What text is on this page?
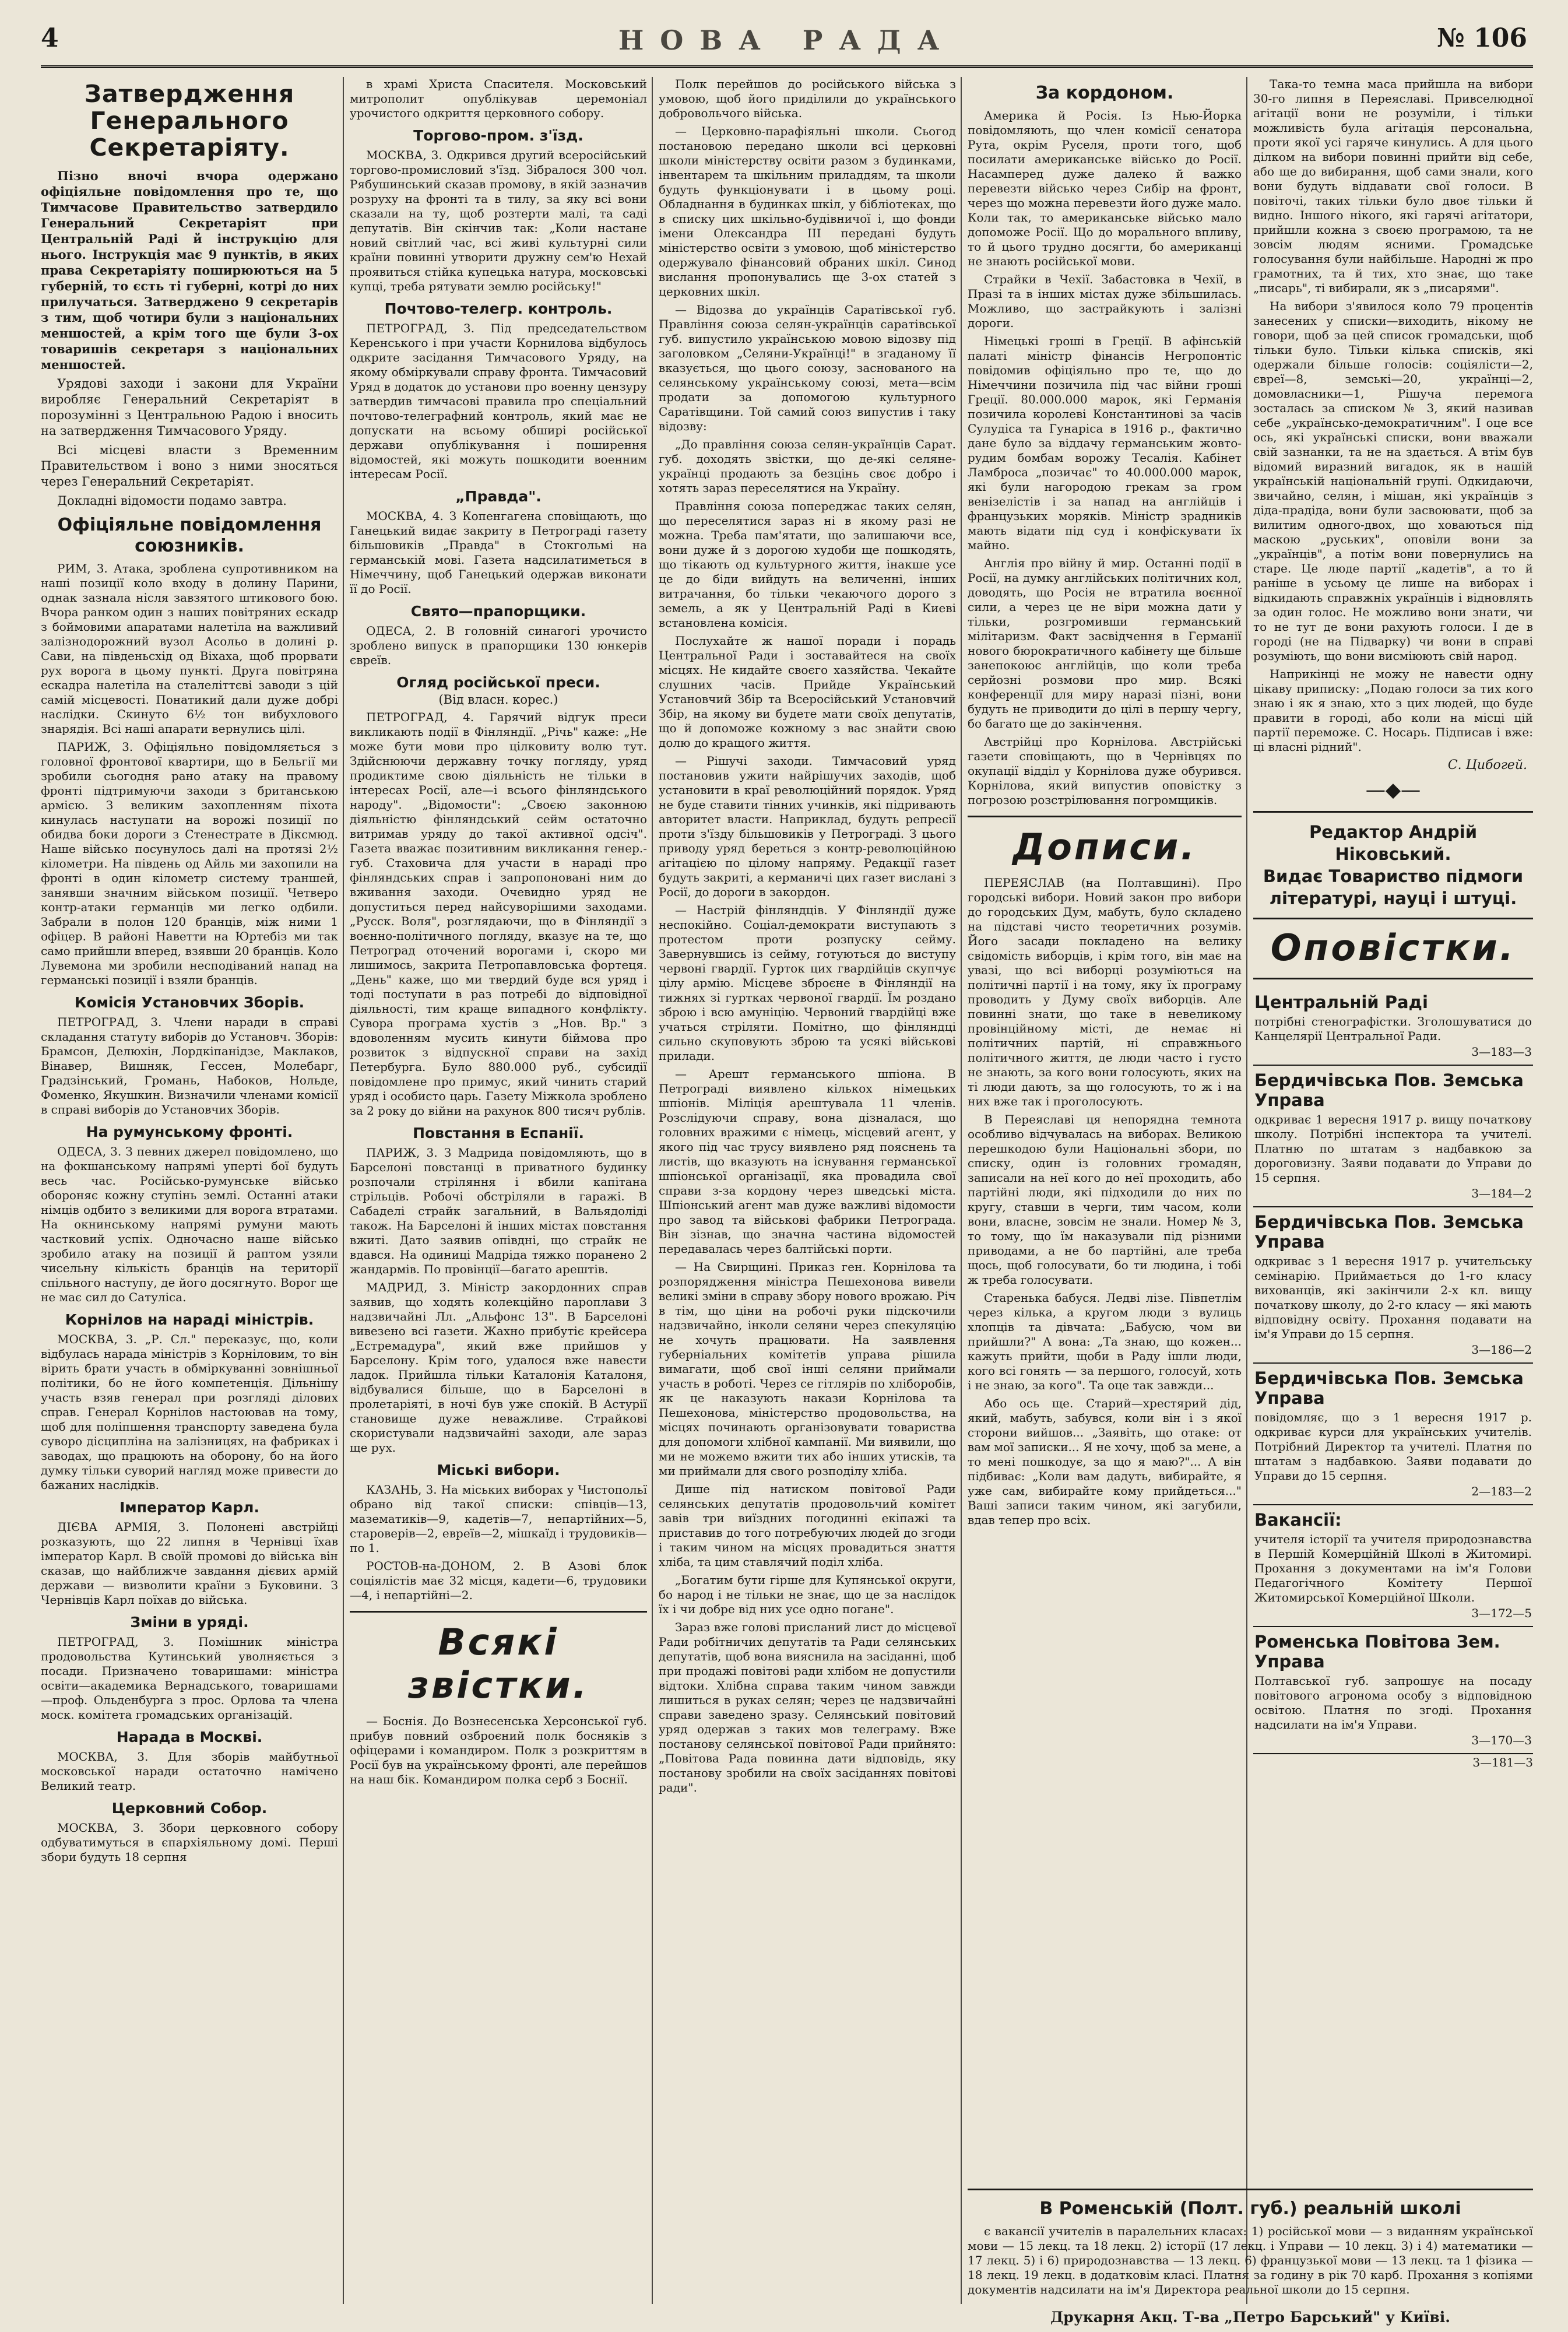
4	НОВА РАДА	№ 106
Затвердження Генерального Секретаріяту.

Пізно вночі вчора одержано офіціяльне повідомлення про те, що Тимчасове Правительство затвердило Генеральний Секретаріят при Центральній Раді й інструкцію для нього. Інструкція має 9 пунктів, в яких права Секретаріяту поширюються на 5 губерній, то єсть ті губерні, котрі до них прилучаться. Затверджено 9 секретарів з тим, щоб чотири були з національних меншостей, а крім того ще були 3-ох товаришів секретаря з національних меншостей.

Урядові заходи і закони для України виробляє Генеральний Секретаріят в порозумінні з Центральною Радою і вносить на затвердження Тимчасового Уряду.

Всі місцеві власти з Временним Правительством і воно з ними зносяться через Генеральний Секретаріят.

Докладні відомости подамо завтра.

Офіціяльне повідомлення союзників.

РИМ, 3. Атака, зроблена супротивником на наші позиції коло входу в долину Парини, однак зазнала нісля завзятого штикового бою. Вчора ранком один з наших повітряних ескадр з боймовими апаратами налетіла на важливий залізнодорожний вузол Асольо в долині р. Сави, на південьсхід од Віхаха, щоб прорвати рух ворога в цьому пункті. Друга повітряна ескадра налетіла на сталеліттєві заводи з цій самій місцевості. Понатикий дали дуже добрі наслідки. Скинуто 6½ тон вибухлового знарядія. Всі наші апарати вернулись цілі.

ПАРИЖ, 3. Офіціяльно повідомляється з головної фронтової квартири, що в Бельгії ми зробили сьогодня рано атаку на правому фронті підтримуючи заходи з британською армією. З великим захопленням піхота кинулась наступати на ворожі позиції по обидва боки дороги з Стенестрате в Діксмюд. Наше військо посунулось далі на протязі 2½ кілометри. На південь од Айль ми захопили на фронті в один кілометр систему траншей, занявши значним військом позиції. Четверо контр-атаки германців ми легко одбили. Забрали в полон 120 бранців, між ними 1 офіцер. В районі Наветти на Юртебіз ми так само прийшли вперед, взявши 20 бранців. Коло Лувемона ми зробили несподіваний напад на германські позиції і взяли бранців.

Комісія Установчих Зборів.

ПЕТРОГРАД, 3. Члени наради в справі складання статуту виборів до Установч. Зборів: Брамсон, Делюхін, Лордкіпанідзе, Маклаков, Вінавер, Вишняк, Гессен, Молебарг, Градзінський, Громань, Набоков, Нольде, Фоменко, Якушкин. Визначили членами комісії в справі виборів до Установчих Зборів.

На румунському фронті.

ОДЕСА, 3. З певних джерел повідомлено, що на фокшанському напрямі уперті бої будуть весь час. Російсько-румунське військо обороняє кожну ступінь землі. Останні атаки німців одбито з великими для ворога втратами. На окнинському напрямі румуни мають частковий успіх. Одночасно наше військо зробило атаку на позиції й раптом узяли чисельну кількість бранців на території спільного наступу, де його досягнуто. Ворог ще не має сил до Сатуліса.

Корнілов на нараді міністрів.

МОСКВА, 3. „Р. Сл." переказує, що, коли відбулась нарада міністрів з Корніловим, то він вірить брати участь в обміркуванні зовнішньої політики, бо не його компетенція. Дільнішу участь взяв генерал при розгляді ділових справ. Генерал Корнілов настоював на тому, щоб для поліпшення транспорту заведена була суворо дісципліна на залізницях, на фабриках і заводах, що працюють на оборону, бо на його думку тільки суворий нагляд може привести до бажаних наслідків.

Імператор Карл.

ДІЄВА АРМІЯ, 3. Полонені австрійці розказують, що 22 липня в Чернівці їхав імператор Карл. В своїй промові до війська він сказав, що найближче завдання дієвих армій держави — визволити країни з Буковини. З Чернівців Карл поїхав до війська.

Зміни в уряді.

ПЕТРОГРАД, 3. Помішник міністра продовольства Кутинський уволняється з посади. Призначено товаришами: міністра освіти—академика Вернадського, товаришами—проф. Ольденбурга з прос. Орлова та члена моск. комітета громадських організацій.

Нарада в Москві.

МОСКВА, 3. Для зборів майбутньої московської наради остаточно намічено Великий театр.

Церковний Собор.

МОСКВА, 3. Збори церковного собору одбуватимуться в єпархіяльному домі. Перші збори будуть 18 серпня

в храмі Христа Спасителя. Московський митрополит опублікував церемоніал урочистого одкриття церковного собору.

Торгово-пром. з'їзд.

МОСКВА, 3. Одкрився другий всеросійський торгово-промисловий з'їзд. Зібралося 300 чол. Рябушинський сказав промову, в якій зазначив розруху на фронті та в тилу, за яку всі вони сказали на ту, щоб розтерти малі, та саді депутатів. Він скінчив так: „Коли настане новий світлий час, всі живі культурні сили країни повинні утворити дружну сем'ю Нехай проявиться стійка купецька натура, московські купці, треба рятувати землю російську!"

Почтово-телегр. контроль.

ПЕТРОГРАД, 3. Під председательством Керенського і при участи Корнилова відбулось одкрите засідання Тимчасового Уряду, на якому обміркували справу фронта. Тимчасовий Уряд в додаток до установи про военну цензуру затвердив тимчасові правила про спеціальний почтово-телеграфний контроль, який має не допускати на всьому обширі російської держави опублікування і поширення відомостей, які можуть пошкодити военним інтересам Росії.

„Правда".

МОСКВА, 4. З Копенгагена сповіщають, що Ганецький видає закриту в Петрограді газету більшовиків „Правда" в Стокгольмі на германській мові. Газета надсилатиметься в Німеччину, щоб Ганецький одержав виконати її до Росії.

Свято—прапорщики.

ОДЕСА, 2. В головній синагогі урочисто зроблено випуск в прапорщики 130 юнкерів євреїв.

Огляд російської преси.
(Від власн. корес.)

ПЕТРОГРАД, 4. Гарячий відгук преси викликають події в Фінляндії. „Річь" каже: „Не може бути мови про цілковиту волю тут. Здійснюючи державну точку погляду, уряд продиктиме свою діяльність не тільки в інтересах Росії, але—і всього фінляндського народу". „Відомости": „Своєю законною діяльністю фінляндський сейм остаточно витримав уряду до такої активної одсіч". Газета вважає позитивним викликання генер.-губ. Стаховича для участи в нараді про фінляндських справ і запропоновані ним до вживання заходи. Очевидно уряд не допуститься перед найсуворішими заходами. „Русск. Воля", розглядаючи, що в Фінляндії з воєнно-політичного погляду, вказує на те, що Петроград оточений ворогами і, скоро ми лишимось, закрита Петропавловська фортеця. „День" каже, що ми твердий буде вся уряд і тоді поступати в раз потребі до відповідної діяльності, тим краще випадного конфлікту. Сувора програма хустів з „Нов. Вр." з вдоволенням мусить кинути біймова про розвиток з відпускної справи на захід Петербурга. Було 880.000 руб., субсидії повідомлене про примус, який чинить старий уряд і особисто царь. Газету Міжкола зроблено за 2 року до війни на рахунок 800 тисяч рублів.

Повстання в Еспанії.

ПАРИЖ, 3. З Мадрида повідомляють, що в Барселоні повстанці в приватного будинку розпочали стріляння і вбили капітана стрільців. Робочі обстріляли в гаражі. В Сабаделі страйк загальний, в Вальядоліді також. На Барселоні й інших містах повстання вжиті. Дато заявив опівдні, що страйк не вдався. На одиниці Мадріда тяжко поранено 2 жандармів. По провінції—багато арештів.

МАДРИД, 3. Міністр закордонних справ заявив, що ходять колекційно пароплави 3 надзвичайні Лл. „Альфонс 13". В Барселоні вивезено всі газети. Жахно прибутіє крейсера „Естремадура", який вже прийшов у Барселону. Крім того, удалося вже навести ладок. Прийшла тільки Каталонія Каталоня, відбувалися більше, що в Барселоні в пролетаріяті, в ночі був уже спокій. В Астурії становище дуже неважливе. Страйкові скористували надзвичайні заходи, але зараз ще рух.

Міські вибори.

КАЗАНЬ, 3. На міських виборах у Чистопольї обрано від такої списки: співців—13, мазематиків—9, кадетів—7, непартійних—5, староверів—2, евреїв—2, мішкаїд і трудовиків—по 1.

РОСТОВ-на-ДОНОМ, 2. В Азові блок соціялістів має 32 місця, кадети—6, трудовики—4, і непартійні—2.

Всякі звістки.

— Боснія. До Вознесенська Херсонської губ. прибув повний озброєний полк босняків з офіцерами і командиром. Полк з розкриттям в Росії був на українському фронті, але перейшов на наш бік. Командиром полка серб з Боснії.

Полк перейшов до російського війська з умовою, щоб його приділили до українського добровольчого війська.

— Церковно-парафіяльні школи. Сьогод постановою передано школи всі церковні школи міністерству освіти разом з будинками, інвентарем та шкільним приладдям, та школи будуть функціонувати і в цьому році. Обладнання в будинках шкіл, у бібліотеках, що в списку цих шкільно-будівничої і, що фонди імени Олександра III передані будуть міністерство освіти з умовою, щоб міністерство одержувало фінансовий обраних шкіл. Синод вислання пропонувались ще 3-ох статей з церковних шкіл.

— Відозва до українців Саратівської губ. Правління союза селян-українців саратівської губ. випустило українською мовою відозву під заголовком „Селяни-Українці!" в згаданому її вказується, що цього союзу, заснованого на селянському українському союзі, мета—всім продати за допомогою культурного Саратівщини. Той самий союз випустив і таку відозву:

„До правління союза селян-українців Сарат. губ. доходять звістки, що де-які селяне-українці продають за безцінь своє добро і хотять зараз переселятися на Україну.

Правління союза попереджає таких селян, що переселятися зараз ні в якому разі не можна. Треба пам'ятати, що залишаючи все, вони дуже й з дорогою худоби ще пошкодять, що тікають од культурного життя, інакше усе це до біди вийдуть на величенні, інших витрачання, бо тільки чекаючого дорого з земель, а як у Центральній Раді в Киеві встановлена комісія.

Послухайте ж нашої поради і порадь Центральної Ради і зоставайтеся на своїх місцях. Не кидайте своєго хазяйства. Чекайте слушних часів. Прийде Український Установчий Збір та Всеросійський Установчий Збір, на якому ви будете мати своїх депутатів, що й допоможе кожному з вас знайти свою долю до кращого життя.

— Рішучі заходи. Тимчасовий уряд постановив ужити найрішучих заходів, щоб установити в краї революційний порядок. Уряд не буде ставити тінних учинків, які підривають авторитет власти. Наприклад, будуть репресії проти з'їзду більшовиків у Петроградi. З цього приводу уряд береться з контр-революційною агітацією по цілому напряму. Редакції газет будуть закриті, а керманичі цих газет вислані з Росії, до дороги в закордон.

— Настрій фінляндців. У Фінляндії дуже неспокійно. Соціал-демократи виступають з протестом проти розпуску сейму. Завернувшись із сейму, готуються до виступу червоні гвардії. Гурток цих гвардійців скупчує цілу армію. Місцеве зброєне в Фінляндії на тижнях зі гуртках червоної гвардії. Їм роздано зброю і всю амуніцію. Червоний гвардійці вже учаться стріляти. Помітно, що фінляндці сильно скуповують зброю та усякі військові прилади.

— Арешт германського шпіона. В Петрограді виявлено кількох німецьких шпіонів. Міліція арештувала 11 членів. Розслідуючи справу, вона дізналася, що головних вражими є німець, місцевий агент, у якого під час трусу виявлено ряд пояснень та листів, що вказують на існування германської шпіонської організації, яка провадила свої справи з-за кордону через шведські міста. Шпіонський агент мав дуже важливі відомости про завод та військові фабрики Петрограда. Він зізнав, що значна частина відомостей передавалась через балтійські порти.

— На Свирщині. Приказ ген. Корнілова та розпорядження міністра Пешехонова вивели великі зміни в справу збору нового врожаю. Річ в тім, що ціни на робочі руки підскочили надзвичайно, інколи селяни через спекуляцію не хочуть працювати. На заявлення губерніальних комітетів управа рішила вимагати, щоб свої інші селяни приймали участь в роботі. Через се гітлярів по хліборобів, як це наказують накази Корнілова та Пешехонова, міністерство продовольства, на місцях починають організовувати товариства для допомоги хлібної кампанії. Ми виявили, що ми не можемо вжити тих або інших утисків, та ми приймали для свого розподілу хліба.

Дише під натиском повітової Ради селянських депутатів продовольчий комітет завів три виїздних погодинні екіпажі та приставив до того потребуючих людей до згоди і таким чином на місцях провадиться знаття хліба, та цим ставлячий поділ хліба.

„Богатим бути гірше для Купянської округи, бо народ і не тільки не знає, що це за наслідок їх і чи добре від них усе одно погане".

Зараз вже голові присланий лист до місцевої Ради робітничих депутатів та Ради селянських депутатів, щоб вона вияснила на засіданні, щоб при продажі повітові ради хлібом не допустили відтоки. Хлібна справа таким чином завжди лишиться в руках селян; через це надзвичайні справи заведено зразу. Селянський повітовий уряд одержав з таких мов телеграму. Вже постанову селянської повітової Ради прийнято: „Повітова Рада повинна дати відповідь, яку постанову зробили на своїх засіданнях повітові ради".

За кордоном.

Америка й Росія. Із Нью-Йорка повідомляють, що член комісії сенатора Рута, окрім Руселя, проти того, щоб посилати американське військо до Росії. Насамперед дуже далеко й важко перевезти військо через Сибір на фронт, через що можна перевезти його дуже мало. Коли так, то американське військо мало допоможе Росії. Що до морального впливу, то й цього трудно досягти, бо американці не знають російської мови.

Страйки в Чехії. Забастовка в Чехії, в Празі та в інших містах дуже збільшилась. Можливо, що застрайкують і залізні дороги.

Німецькі гроші в Греції. В афінській палаті міністр фінансів Негропонтіс повідомив офіціяльно про те, що до Німеччини позичила під час війни гроші Греції. 80.000.000 марок, які Германія позичила королеві Константинові за часів Сулудіса та Гунаріса в 1916 р., фактично дане було за віддачу германським жовто-рудим бомбам ворожу Тесалія. Кабінет Ламброса „позичає" то 40.000.000 марок, які були нагородою грекам за гром венізелістів і за напад на англійців і французьких моряків. Міністр зрадників мають відати під суд і конфіскувати їх майно.

Англія про війну й мир. Останні події в Росії, на думку англійських політичних кол, доводять, що Росія не втратила воєнної сили, а через це не віри можна дати у тільки, розгромивши германський мілітаризм. Факт засвідчення в Германії нового бюрократичного кабінету ще більше занепокоює англійців, що коли треба серйозні розмови про мир. Всякі конференції для миру наразі пізні, вони будуть не приводити до цілі в першу чергу, бо багато ще до закінчення.

Австрійці про Корнілова. Австрійські газети сповіщають, що в Чернівцях по окупації відділ у Корнілова дуже обурився. Корнілова, який випустив оповістку з погрозою розстрілювання погромщиків.

Дописи.

ПЕРЕЯСЛАВ (на Полтавщині). Про городські вибори. Новий закон про вибори до городських Дум, мабуть, було складено на підставі чисто теоретичних розумів. Його засади покладено на велику свідомість виборців, і крім того, він має на увазі, що всі виборці розуміються на політичні партії і на тому, яку їх програму проводить у Думу своїх виборців. Але повинні знати, що таке в невеликому провінційному місті, де немає ні політичних партій, ні справжнього політичного життя, де люди часто і густо не знають, за кого вони голосують, яких на ті люди дають, за що голосують, то ж і на них вже так і проголосують.

В Переяславі ця непорядна темнота особливо відчувалась на виборах. Великою перешкодою були Національні збори, по списку, один із головних громадян, записали на неї кого до неї проходить, або партійні люди, які підходили до них по кругу, ставши в черги, тим часом, коли вони, власне, зовсім не знали. Номер № 3, то тому, що їм наказували під різними приводами, а не бо партійні, але треба щось, щоб голосувати, бо ти людина, і тобі ж треба голосувати.

Старенька бабуся. Ледві лізе. Півпетлім через кілька, а кругом люди з вулиць хлопців та дівчата: „Бабусю, чом ви прийшли?" А вона: „Та знаю, що кожен... кажуть прийти, щоби в Раду ішли люди, кого всі гонять — за першого, голосуй, хоть і не знаю, за кого". Та оце так завжди...

Або ось ще. Старий—хрестярий дід, який, мабуть, забувся, коли він і з якої сторони вийшов... „Заявіть, що отаке: от вам мої записки... Я не хочу, щоб за мене, а то мені пошкодує, за що я маю?"... А він підбиває: „Коли вам дадуть, вибирайте, я уже сам, вибирайте кому прийдеться..." Ваші записи таким чином, які загубили, вдав тепер про всіх.

Така-то темна маса прийшла на вибори 30-го липня в Переяславі. Привселюдної агітації вони не розуміли, і тільки можливість була агітація персональна, проти якої усі гаряче кинулись. А для цього ділком на вибори повинні прийти від себе, або ще до вибирання, щоб сами знали, кого вони будуть віддавати свої голоси. В повіточі, таких тільки було двоє тільки й видно. Іншого нікого, які гарячі агітатори, прийшли кожна з своєю програмою, та не зовсім людям ясними. Громадське голосування були найбільше. Народні ж про грамотних, та й тих, хто знає, що таке „писарь", ті вибирали, як з „писарями".

На вибори з'явилося коло 79 процентів занесених у списки—виходить, нікому не говори, щоб за цей список громадськи, щоб тільки було. Тільки кілька списків, які одержали більше голосів: соціялісти—2, євреї—8, земські—20, українці—2, домовласники—1, Рішуча перемога зосталась за списком № 3, який називав себе „українсько-демократичним". І оце все ось, які українські списки, вони вважали свій зазнанки, та не на здається. А втім був відомий виразний вигадок, як в нашій українській національній групі. Одкидаючи, звичайно, селян, і мішан, які українців з діда-прадіда, вони були засвоювати, щоб за вилитим одного-двох, що ховаються під маскою „руських", оповіли вони за „українців", а потім вони повернулись на старе. Це люде партії „кадетів", а то й раніше в усьому це лише на виборах і відкидають справжніх українців і відновлять за один голос. Не можливо вони знати, чи то не тут де вони рахують голоси. І де в городі (не на Підварку) чи вони в справі розуміють, що вони висміюють свій народ.

Наприкінці не можу не навести одну цікаву приписку: „Подаю голоси за тих кого знаю і як я знаю, хто з цих людей, що буде правити в городі, або коли на місці цій партії переможе. С. Носарь. Підписав і вже: ці власні рідний".

С. Цибогей.
—◆—
Редактор Андрій Ніковський.
Видає Товариство підмоги літературі, науці і штуці.
Оповістки.
Центральній Раді

потрібні стенографістки. Зголошуватися до Канцелярії Центральної Ради.

3—183—3
Бердичівська Пов. Земська Управа

одкриває 1 вересня 1917 р. вищу початкову школу. Потрібні інспектора та учителі. Платню по штатам з надбавкою за дороговизну. Заяви подавати до Управи до 15 серпня.

3—184—2
Бердичівська Пов. Земська Управа

одкриває з 1 вересня 1917 р. учительську семінарію. Приймається до 1-го класу вихованців, які закінчили 2-х кл. вищу початкову школу, до 2-го класу — які мають відповідну освіту. Прохання подавати на ім'я Управи до 15 серпня.

3—186—2
Бердичівська Пов. Земська Управа

повідомляє, що з 1 вересня 1917 р. одкриває курси для українських учителів. Потрібний Директор та учителі. Платня по штатам з надбавкою. Заяви подавати до Управи до 15 серпня.

2—183—2
Вакансії:

учителя історії та учителя природознавства в Першій Комерційній Школі в Житомирі. Прохання з документами на ім'я Голови Педагогічного Комітету Першої Житомирської Комерційної Школи.

3—172—5
Роменська Повітова Зем. Управа

Полтавської губ. запрошує на посаду повітового агронома особу з відповідною освітою. Платня по згоді. Прохання надсилати на ім'я Управи.

3—170—3
3—181—3
В Роменській (Полт. губ.) реальній школі

є вакансії учителів в паралельних класах: 1) російської мови — з виданням української мови — 15 лекц. та 18 лекц. 2) історії (17 лекц. і Управи — 10 лекц. 3) і 4) математики — 17 лекц. 5) і 6) природознавства — 13 лекц. 6) французької мови — 13 лекц. та 1 фізика — 18 лекц. 19 лекц. в додатковім класі. Платня за годину в рік 70 карб. Прохання з копіями документів надсилати на ім'я Директора реальної школи до 15 серпня.

Друкарня Акц. Т-ва „Петро Барський" у Київі.
